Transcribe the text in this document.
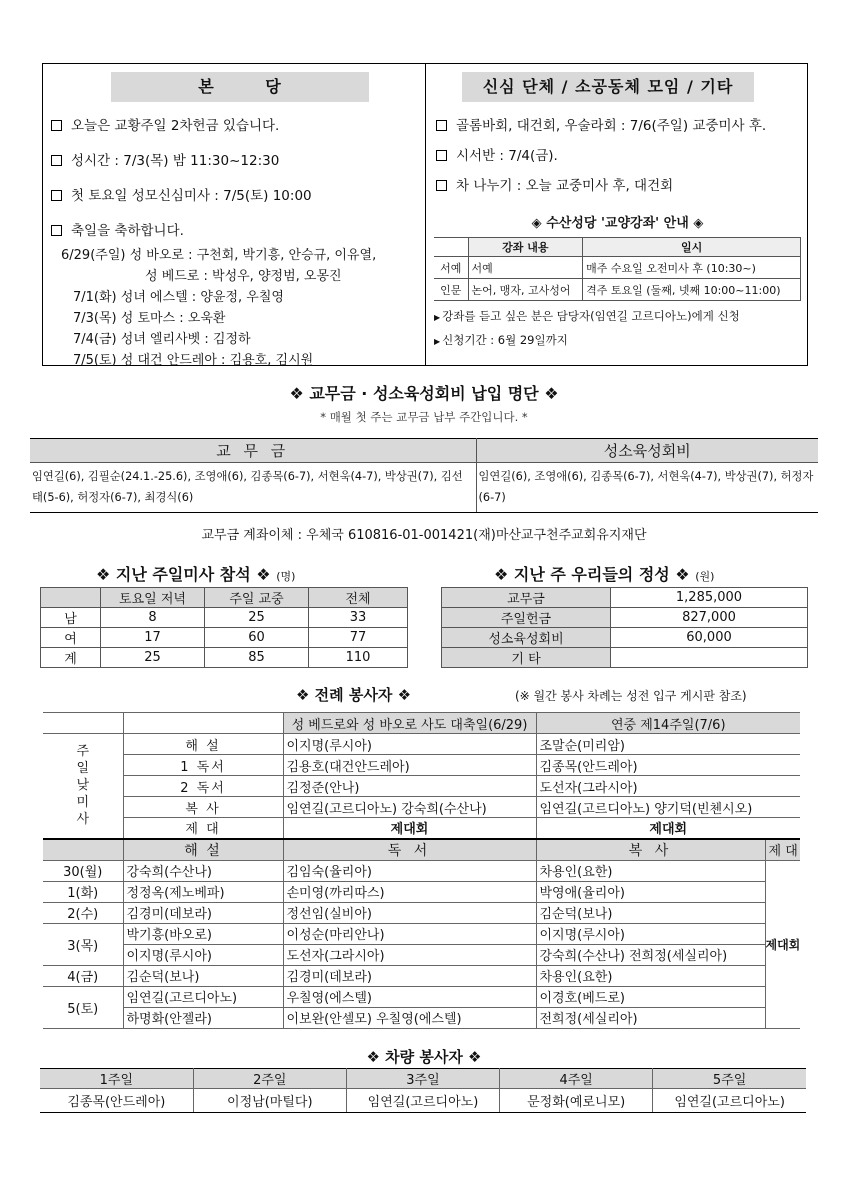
본 당
오늘은 교황주일 2차헌금 있습니다.
성시간 : 7/3(목) 밤 11:30~12:30
첫 토요일 성모신심미사 : 7/5(토) 10:00
축일을 축하합니다.
6/29(주일) 성 바오로 : 구천회, 박기흥, 안승규, 이유열,
성 베드로 : 박성우, 양정범, 오몽진
7/1(화) 성녀 에스텔 : 양윤정, 우칠영
7/3(목) 성 토마스 : 오욱환
7/4(금) 성녀 엘리사벳 : 김정하
7/5(토) 성 대건 안드레아 : 김용호, 김시원
신심 단체 / 소공동체 모임 / 기타
골롬바회, 대건회, 우술라회 : 7/6(주일) 교중미사 후.
시서반 : 7/4(금).
차 나누기 : 오늘 교중미사 후, 대건회
◈ 수산성당 '교양강좌' 안내 ◈
	강좌 내용	일시
서예	서예	매주 수요일 오전미사 후 (10:30~)
인문	논어, 맹자, 고사성어	격주 토요일 (둘째, 넷째 10:00~11:00)
▶ 강좌를 듣고 싶은 분은 담당자(임연길 고르디아노)에게 신청
▶ 신청기간 : 6월 29일까지
❖ 교무금 · 성소육성회비 납입 명단 ❖
* 매월 첫 주는 교무금 납부 주간입니다. *
교 무 금	성소육성회비
임연길(6), 김필순(24.1.-25.6), 조영애(6), 김종목(6-7), 서현욱(4-7), 박상권(7), 김선태(5-6), 허정자(6-7), 최경식(6)	임연길(6), 조영애(6), 김종목(6-7), 서현욱(4-7), 박상권(7), 허정자(6-7)
교무금 계좌이체 : 우체국 610816-01-001421(재)마산교구천주교회유지재단
❖ 지난 주일미사 참석 ❖ (명)
	토요일 저녁	주일 교중	전체
남	8	25	33
여	17	60	77
계	25	85	110
❖ 지난 주 우리들의 정성 ❖ (원)
교무금	1,285,000
주일헌금	827,000
성소육성회비	60,000
기 타	
❖ 전례 봉사자 ❖	(※ 월간 봉사 차례는 성전 입구 게시판 참조)
		성 베드로와 성 바오로 사도 대축일(6/29)	연중 제14주일(7/6)	
주
일
낮
미
사	해 설	이지명(루시아)	조말순(미리암)	
	1 독서	김용호(대건안드레아)	김종목(안드레아)	
	2 독서	김정준(안나)	도선자(그라시아)	
	복 사	임연길(고르디아노) 강숙희(수산나)	임연길(고르디아노) 양기덕(빈첸시오)	
	제 대	제대회	제대회	
	해 설	독 서	복 사	제 대
30(월)	강숙희(수산나)	김임숙(율리아)	차용인(요한)	제대회
1(화)	정정옥(제노베파)	손미영(까리따스)	박영애(율리아)	
2(수)	김경미(데보라)	정선임(실비아)	김순덕(보나)	
3(목)	박기흥(바오로)	이성순(마리안나)	이지명(루시아)	
	이지명(루시아)	도선자(그라시아)	강숙희(수산나) 전희정(세실리아)	
4(금)	김순덕(보나)	김경미(데보라)	차용인(요한)	
5(토)	임연길(고르디아노)	우칠영(에스텔)	이경호(베드로)	
	하명화(안젤라)	이보완(안셀모) 우칠영(에스텔)	전희정(세실리아)	
❖ 차량 봉사자 ❖
1주일	2주일	3주일	4주일	5주일
김종목(안드레아)	이정남(마틸다)	임연길(고르디아노)	문정화(예로니모)	임연길(고르디아노)
